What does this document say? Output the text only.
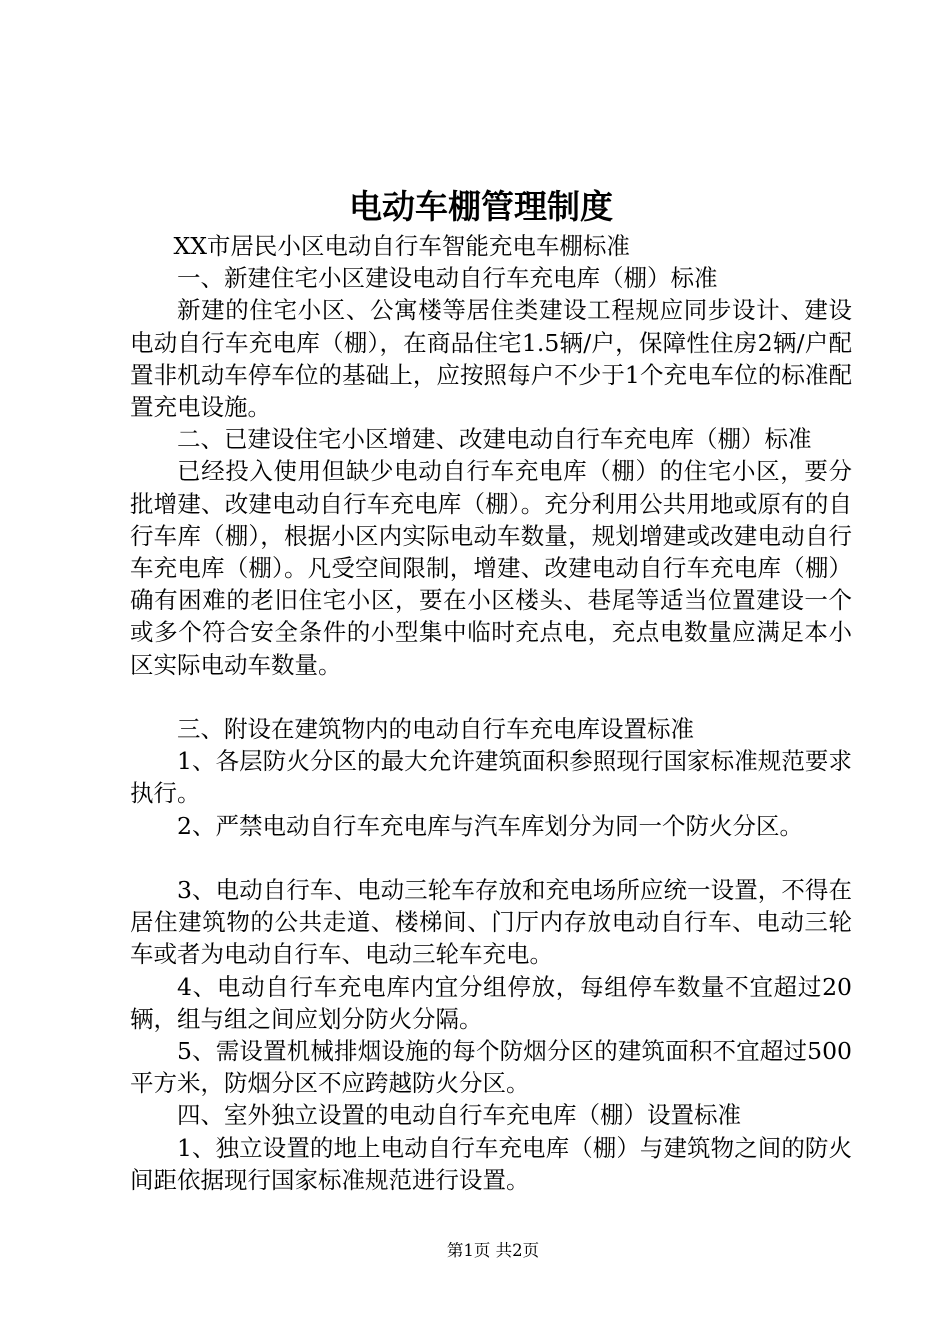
电动车棚管理制度

XX市居民小区电动自行车智能充电车棚标准

一、新建住宅小区建设电动自行车充电库（棚）标准

新建的住宅小区、公寓楼等居住类建设工程规应同步设计、建设电动自行车充电库（棚），在商品住宅1.5辆/户，保障性住房2辆/户配置非机动车停车位的基础上，应按照每户不少于1个充电车位的标准配置充电设施。

二、已建设住宅小区增建、改建电动自行车充电库（棚）标准

已经投入使用但缺少电动自行车充电库（棚）的住宅小区，要分批增建、改建电动自行车充电库（棚）。充分利用公共用地或原有的自行车库（棚），根据小区内实际电动车数量，规划增建或改建电动自行车充电库（棚）。凡受空间限制，增建、改建电动自行车充电库（棚）确有困难的老旧住宅小区，要在小区楼头、巷尾等适当位置建设一个或多个符合安全条件的小型集中临时充点电，充点电数量应满足本小区实际电动车数量。

三、附设在建筑物内的电动自行车充电库设置标准

1、各层防火分区的最大允许建筑面积参照现行国家标准规范要求执行。

2、严禁电动自行车充电库与汽车库划分为同一个防火分区。

3、电动自行车、电动三轮车存放和充电场所应统一设置，不得在居住建筑物的公共走道、楼梯间、门厅内存放电动自行车、电动三轮车或者为电动自行车、电动三轮车充电。

4、电动自行车充电库内宜分组停放，每组停车数量不宜超过20辆，组与组之间应划分防火分隔。

5、需设置机械排烟设施的每个防烟分区的建筑面积不宜超过500平方米，防烟分区不应跨越防火分区。

四、室外独立设置的电动自行车充电库（棚）设置标准

1、独立设置的地上电动自行车充电库（棚）与建筑物之间的防火间距依据现行国家标准规范进行设置。

第1页 共2页
